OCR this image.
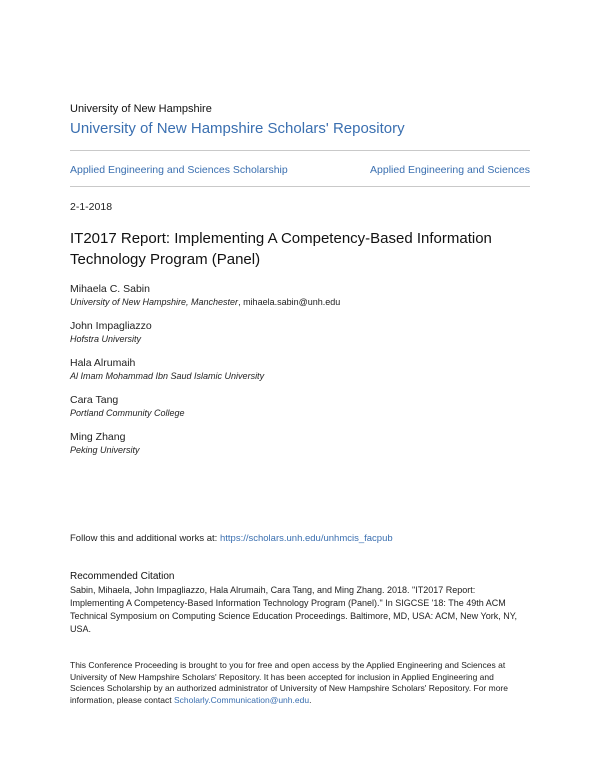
University of New Hampshire
University of New Hampshire Scholars' Repository
Applied Engineering and Sciences Scholarship	Applied Engineering and Sciences
2-1-2018
IT2017 Report: Implementing A Competency-Based Information Technology Program (Panel)
Mihaela C. Sabin
University of New Hampshire, Manchester, mihaela.sabin@unh.edu
John Impagliazzo
Hofstra University
Hala Alrumaih
Al Imam Mohammad Ibn Saud Islamic University
Cara Tang
Portland Community College
Ming Zhang
Peking University
Follow this and additional works at: https://scholars.unh.edu/unhmcis_facpub
Recommended Citation
Sabin, Mihaela, John Impagliazzo, Hala Alrumaih, Cara Tang, and Ming Zhang. 2018. "IT2017 Report: Implementing A Competency-Based Information Technology Program (Panel)." In SIGCSE '18: The 49th ACM Technical Symposium on Computing Science Education Proceedings. Baltimore, MD, USA: ACM, New York, NY, USA.
This Conference Proceeding is brought to you for free and open access by the Applied Engineering and Sciences at University of New Hampshire Scholars' Repository. It has been accepted for inclusion in Applied Engineering and Sciences Scholarship by an authorized administrator of University of New Hampshire Scholars' Repository. For more information, please contact Scholarly.Communication@unh.edu.
